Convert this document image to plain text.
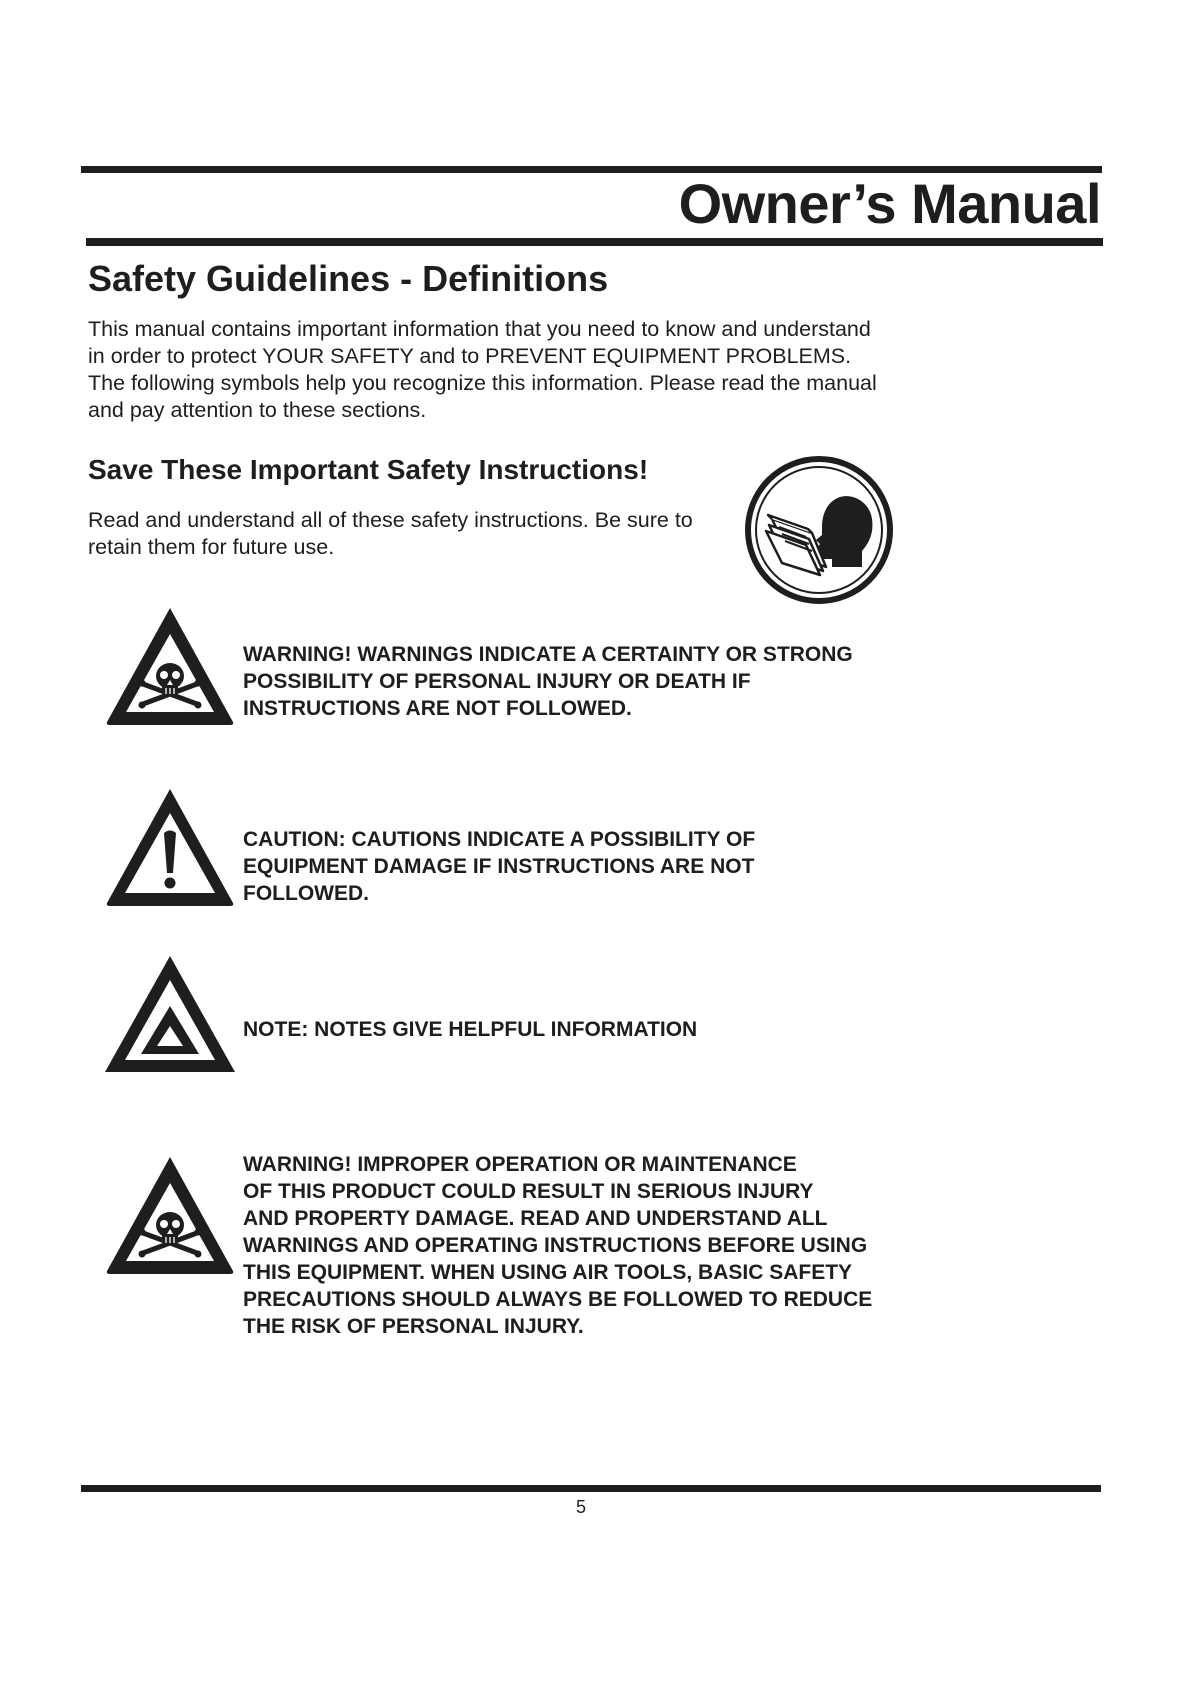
Owner’s Manual
Safety Guidelines - Definitions

This manual contains important information that you need to know and understand in order to protect YOUR SAFETY and to PREVENT EQUIPMENT PROBLEMS. The following symbols help you recognize this information. Please read the manual and pay attention to these sections.

Save These Important Safety Instructions!

Read and understand all of these safety instructions. Be sure to retain them for future use.

WARNING! WARNINGS INDICATE A CERTAINTY OR STRONG
POSSIBILITY OF PERSONAL INJURY OR DEATH IF
INSTRUCTIONS ARE NOT FOLLOWED.

CAUTION: CAUTIONS INDICATE A POSSIBILITY OF
EQUIPMENT DAMAGE IF INSTRUCTIONS ARE NOT
FOLLOWED.

NOTE: NOTES GIVE HELPFUL INFORMATION

WARNING! IMPROPER OPERATION OR MAINTENANCE
OF THIS PRODUCT COULD RESULT IN SERIOUS INJURY
AND PROPERTY DAMAGE. READ AND UNDERSTAND ALL
WARNINGS AND OPERATING INSTRUCTIONS BEFORE USING
THIS EQUIPMENT. WHEN USING AIR TOOLS, BASIC SAFETY
PRECAUTIONS SHOULD ALWAYS BE FOLLOWED TO REDUCE
THE RISK OF PERSONAL INJURY.

5
